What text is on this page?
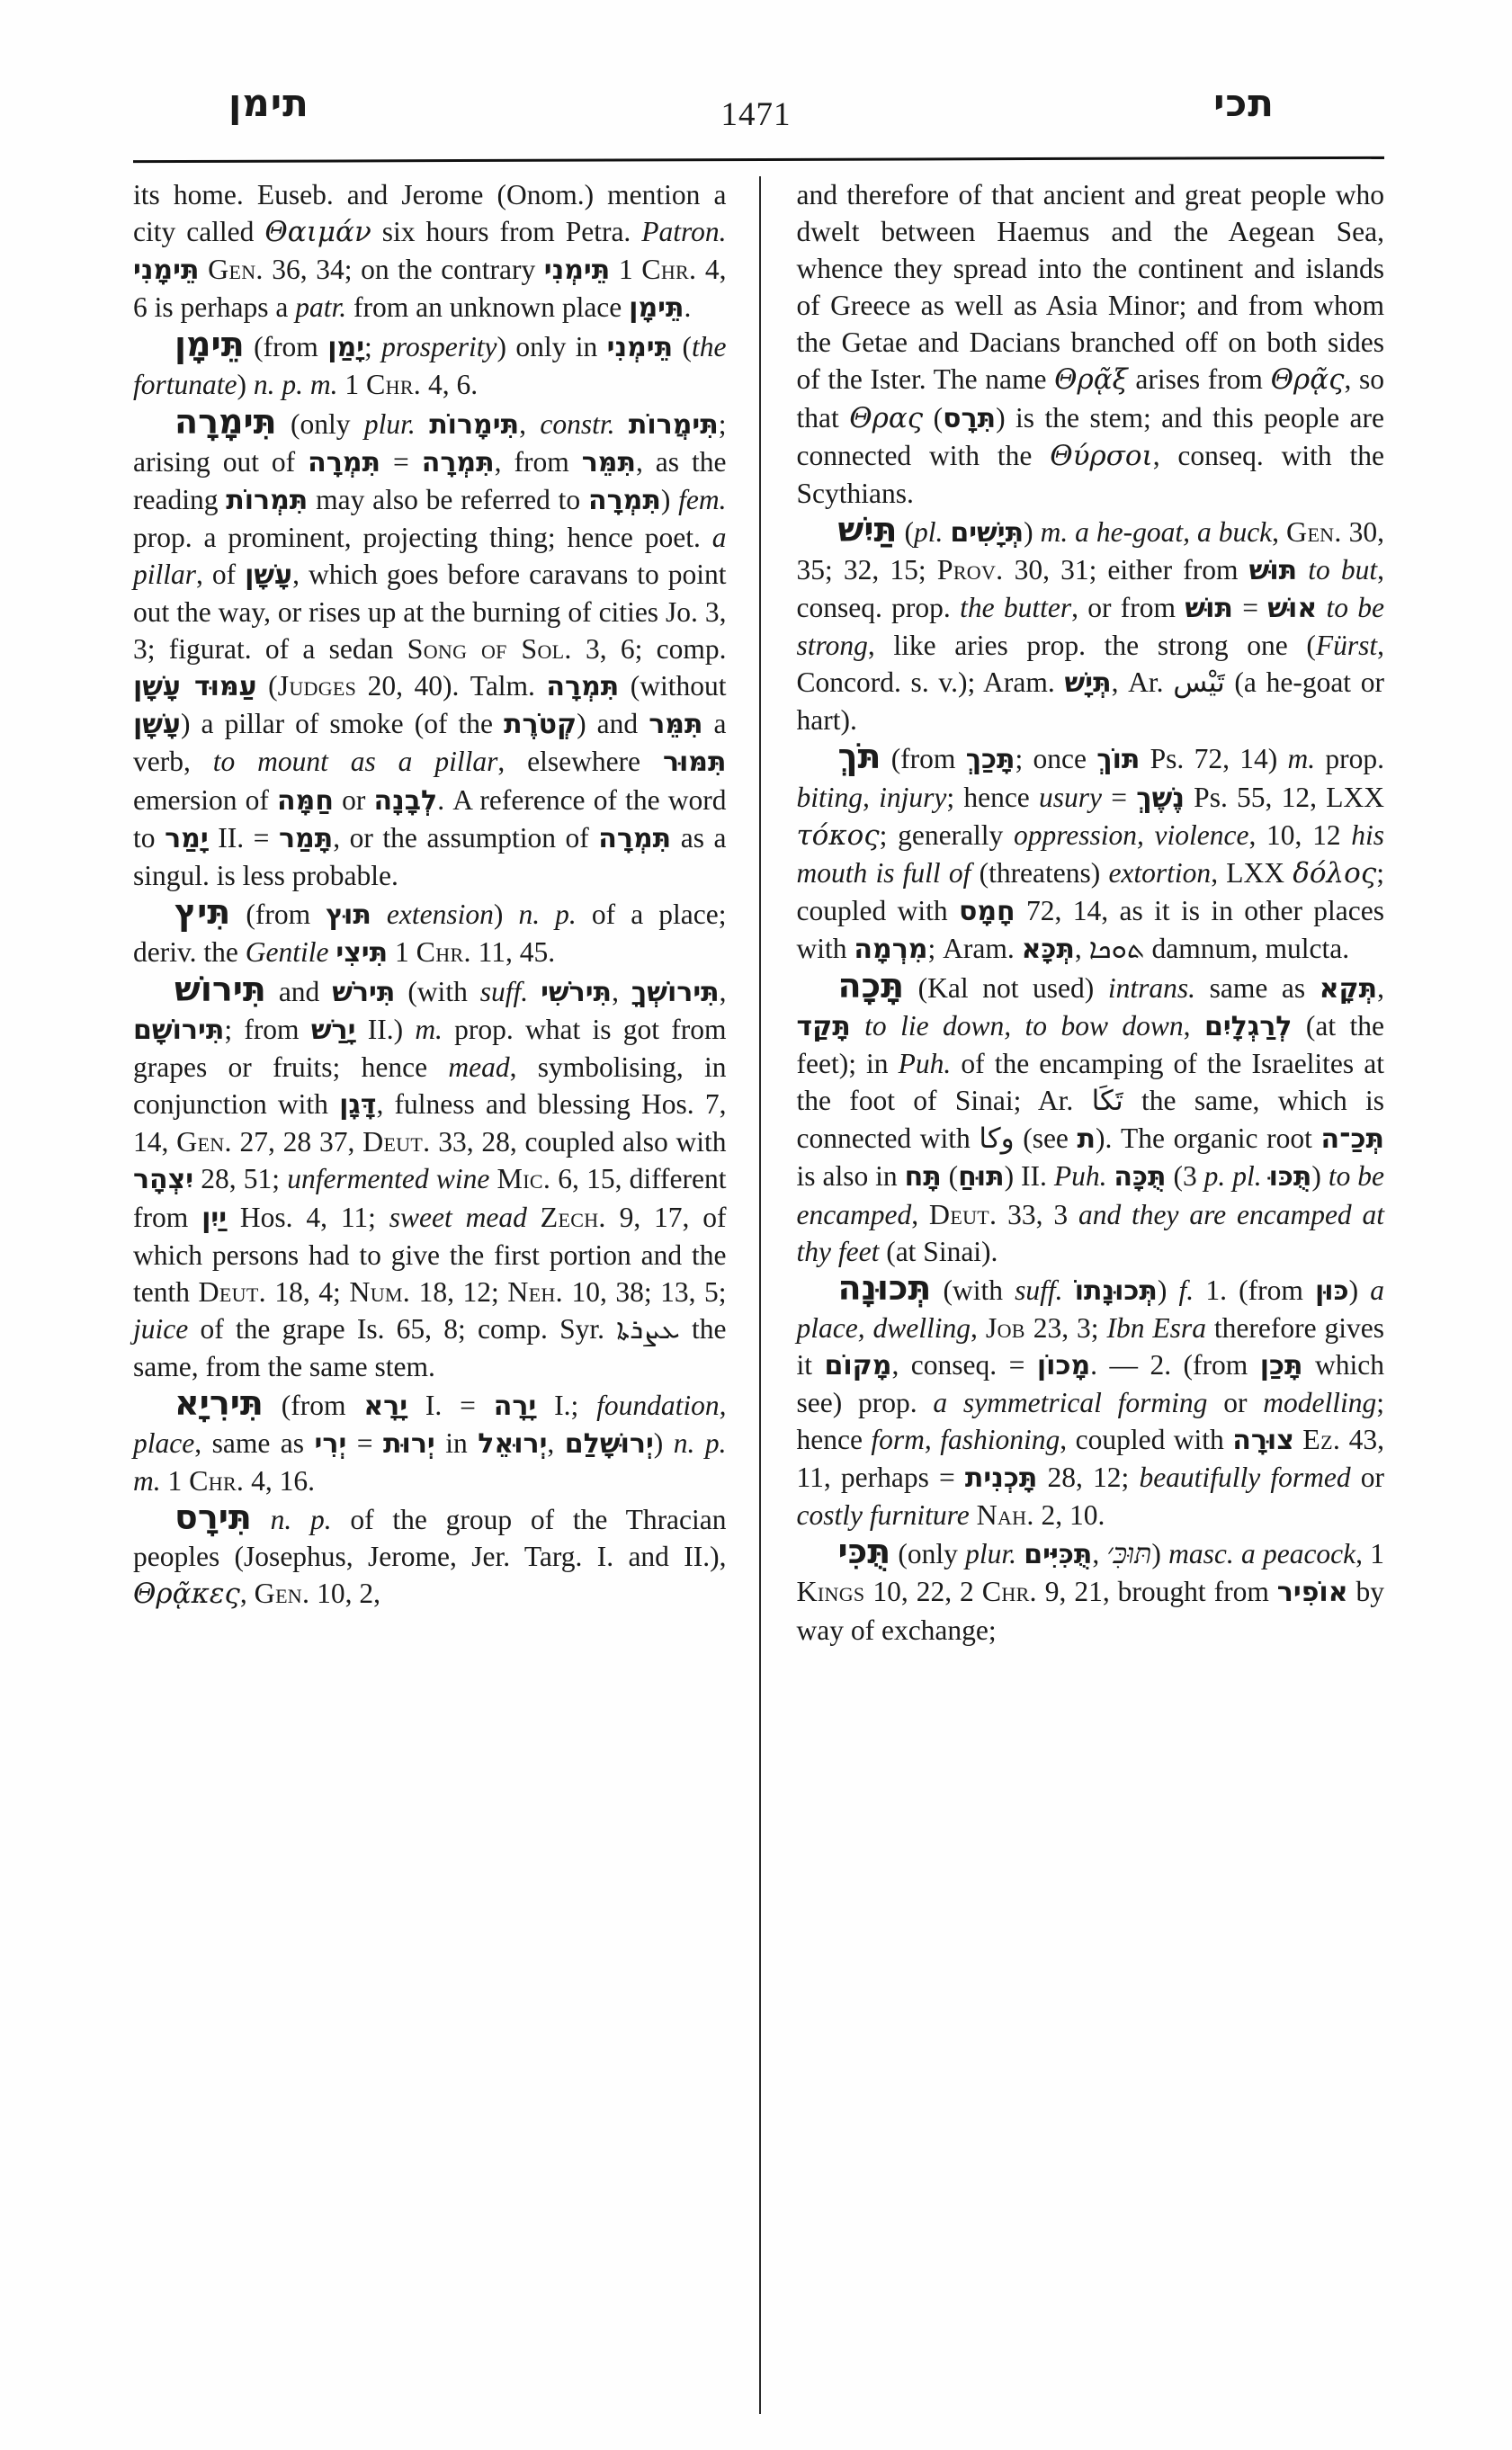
תימן	1471	תכי

its home. Euseb. and Jerome (Onom.) mention a city called Θαιμάν six hours from Petra. Patron. תֵּימָנִי Gen. 36, 34; on the contrary תֵּימְנִי 1 Chr. 4, 6 is perhaps a patr. from an unknown place תֵּימָן.

תֵּימָן (from יָמַן; prosperity) only in תֵּימְנִי (the fortunate) n. p. m. 1 Chr. 4, 6.

תִּימָרָה (only plur. תִּימָרוֹת, constr. תִּימֲרוֹת; arising out of תִּמְרָה = תִּמְרָה, from תִּמֵּר, as the reading תִּמְרוֹת may also be referred to תִּמְרָה) fem. prop. a prominent, projecting thing; hence poet. a pillar, of עָשָׁן, which goes before caravans to point out the way, or rises up at the burning of cities Jo. 3, 3; figurat. of a sedan Song of Sol. 3, 6; comp. עַמּוּד עָשָׁן (Judges 20, 40). Talm. תִּמְרָה (without עָשָׁן) a pillar of smoke (of the קְטֹרֶת) and תִּמֵּר a verb, to mount as a pillar, elsewhere תִּמּוּר emersion of חַמָּה or לְבָנָה. A reference of the word to יָמַר II. = תָּמַר, or the assumption of תִּמְרָה as a singul. is less probable.

תִּיץ (from תּוּץ extension) n. p. of a place; deriv. the Gentile תִּיצִי 1 Chr. 11, 45.

תִּירוֹשׁ and תִּירֹשׁ (with suff. תִּירֹשִׁי, תִּירוֹשְׁךָ, תִּירוֹשָׁם; from יָרַשׁ II.) m. prop. what is got from grapes or fruits; hence mead, symbolising, in conjunction with דָּגָן, fulness and blessing Hos. 7, 14, Gen. 27, 28 37, Deut. 33, 28, coupled also with יִצְהָר 28, 51; unfermented wine Mic. 6, 15, different from יַיִן Hos. 4, 11; sweet mead Zech. 9, 17, of which persons had to give the first portion and the tenth Deut. 18, 4; Num. 18, 12; Neh. 10, 38; 13, 5; juice of the grape Is. 65, 8; comp. Syr. ܥܨܪܬܐ the same, from the same stem.

תִּירִיָא (from יָרָא I. = יָרָה I.; foundation, place, same as יְרִי = יְרוּת in יְרוּאֵל, יְרוּשָׁלַם) n. p. m. 1 Chr. 4, 16.

תִּירָס n. p. of the group of the Thracian peoples (Josephus, Jerome, Jer. Targ. I. and II.), Θρᾷκες, Gen. 10, 2,

and therefore of that ancient and great people who dwelt between Haemus and the Aegean Sea, whence they spread into the continent and islands of Greece as well as Asia Minor; and from whom the Getae and Dacians branched off on both sides of the Ister. The name Θρᾷξ arises from Θρᾷς, so that Θρας (תִּרָס) is the stem; and this people are connected with the Θύρσοι, conseq. with the Scythians.

תַּיִשׁ (pl. תְּיָשִׁים) m. a he-goat, a buck, Gen. 30, 35; 32, 15; Prov. 30, 31; either from תּוּשׁ to but, conseq. prop. the butter, or from תּוּשׁ = אוּשׁ to be strong, like aries prop. the strong one (Fürst, Concord. s. v.); Aram. תְּיָשׁ, Ar. تَيْس (a he-goat or hart).

תֹּךְ (from תָּכַךְ; once תּוֹךְ Ps. 72, 14) m. prop. biting, injury; hence usury = נֶשֶׁךְ Ps. 55, 12, LXX τόκος; generally oppression, violence, 10, 12 his mouth is full of (threatens) extortion, LXX δόλος; coupled with חָמָס 72, 14, as it is in other places with מִרְמָה; Aram. תְּכָּא, ܬܘܟܐ damnum, mulcta.

תָּכָה (Kal not used) intrans. same as תְּקָא, תָּקַד to lie down, to bow down, לְרַגְלָיִם (at the feet); in Puh. of the encamping of the Israelites at the foot of Sinai; Ar. تَكَا the same, which is connected with وكا (see ת). The organic root תְּכַ־ה is also in תָּח (תּוּחַ) II. Puh. תֻּכָּה (3 p. pl. תֻּכּוּ) to be encamped, Deut. 33, 3 and they are encamped at thy feet (at Sinai).

תְּכוּנָה (with suff. תְּכוּנָתוֹ) f. 1. (from כּוּן) a place, dwelling, Job 23, 3; Ibn Esra therefore gives it מָקוֹם, conseq. = מָכוֹן. — 2. (from תָּכַן which see) prop. a symmetrical forming or modelling; hence form, fashioning, coupled with צוּרָה Ez. 43, 11, perhaps = תָּכְנִית 28, 12; beautifully formed or costly furniture Nah. 2, 10.

תֻּכִּי (only plur. תֻּכִּיִּים, תּוּכִּ׳) masc. a peacock, 1 Kings 10, 22, 2 Chr. 9, 21, brought from אוֹפִיר by way of exchange;
